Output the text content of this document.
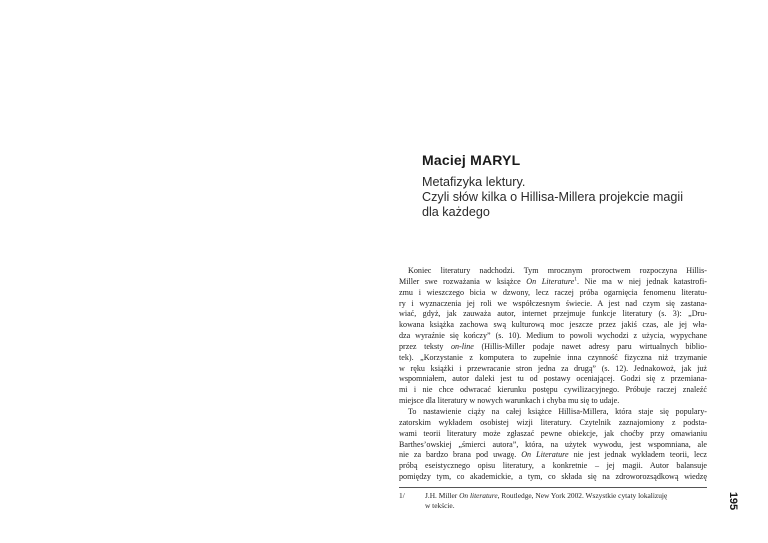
Maciej MARYL
Metafizyka lektury.
Czyli słów kilka o Hillisa-Millera projekcie magii
dla każdego
Koniec literatury nadchodzi. Tym mrocznym proroctwem rozpoczyna Hillis-
Miller swe rozważania w książce On Literature$^1$. Nie ma w niej jednak katastrofi-
zmu i wieszczego bicia w dzwony, lecz raczej próba ogarnięcia fenomenu literatu-
ry i wyznaczenia jej roli we współczesnym świecie. A jest nad czym się zastana-
wiać, gdyż, jak zauważa autor, internet przejmuje funkcje literatury (s. 3): „Dru-
kowana książka zachowa swą kulturową moc jeszcze przez jakiś czas, ale jej wła-
dza wyraźnie się kończy” (s. 10). Medium to powoli wychodzi z użycia, wypychane
przez teksty on-line (Hillis-Miller podaje nawet adresy paru wirtualnych biblio-
tek). „Korzystanie z komputera to zupełnie inna czynność fizyczna niż trzymanie
w ręku książki i przewracanie stron jedna za drugą” (s. 12). Jednakowoż, jak już
wspomniałem, autor daleki jest tu od postawy oceniającej. Godzi się z przemiana-
mi i nie chce odwracać kierunku postępu cywilizacyjnego. Próbuje raczej znaleźć
miejsce dla literatury w nowych warunkach i chyba mu się to udaje.
To nastawienie ciąży na całej książce Hillisa-Millera, która staje się populary-
zatorskim wykładem osobistej wizji literatury. Czytelnik zaznajomiony z podsta-
wami teorii literatury może zgłaszać pewne obiekcje, jak choćby przy omawianiu
Barthes’owskiej „śmierci autora”, która, na użytek wywodu, jest wspomniana, ale
nie za bardzo brana pod uwagę. On Literature nie jest jednak wykładem teorii, lecz
próbą eseistycznego opisu literatury, a konkretnie – jej magii. Autor balansuje
pomiędzy tym, co akademickie, a tym, co składa się na zdroworozsądkową wiedzę
1/	J.H. Miller On literature, Routledge, New York 2002. Wszystkie cytaty lokalizuję
w tekście.	195
